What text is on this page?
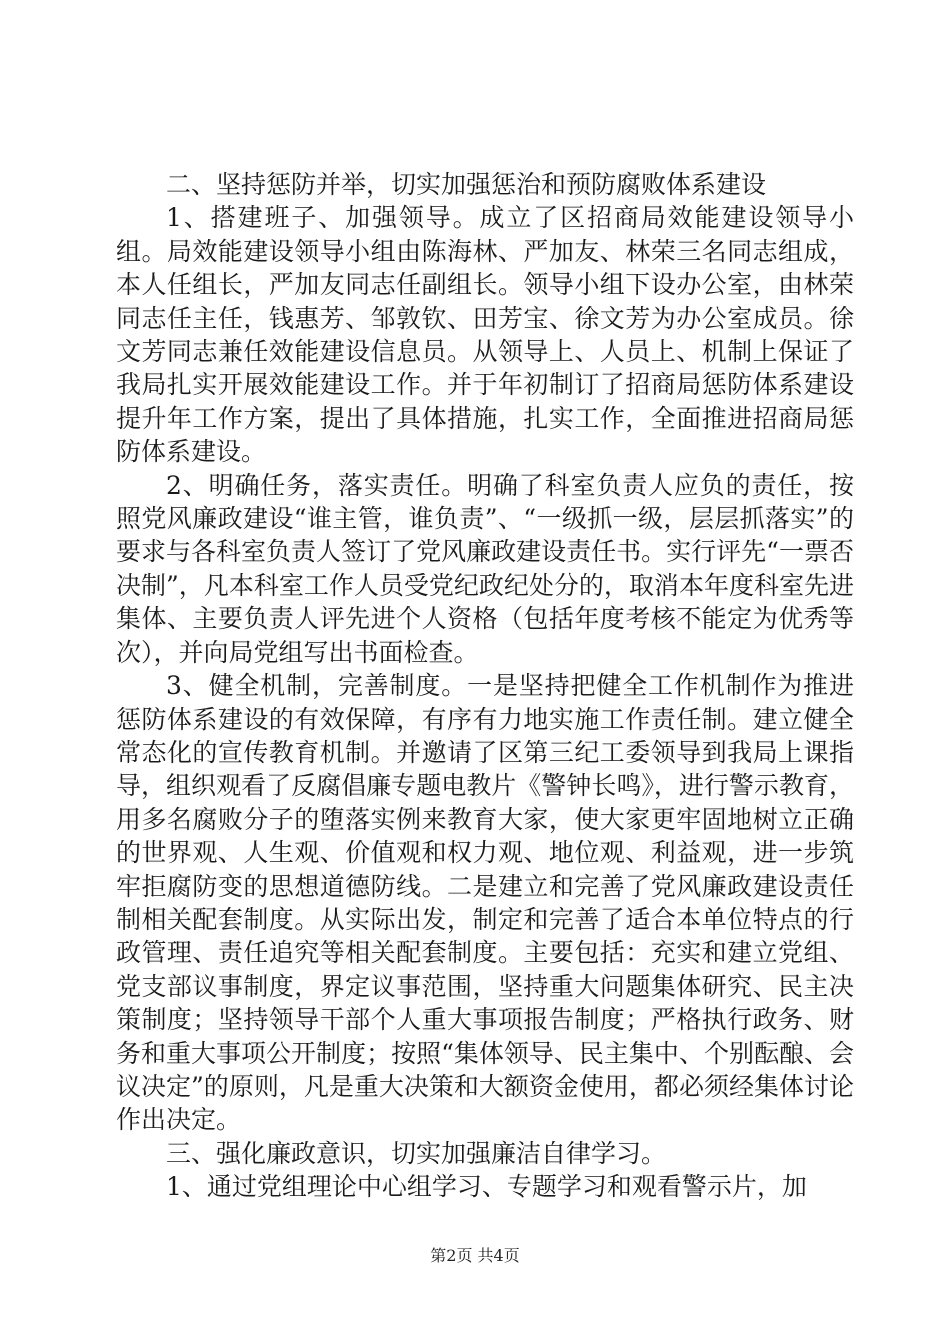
二、坚持惩防并举，切实加强惩治和预防腐败体系建设

1、搭建班子、加强领导。成立了区招商局效能建设领导小组。局效能建设领导小组由陈海林、严加友、林荣三名同志组成，本人任组长，严加友同志任副组长。领导小组下设办公室，由林荣同志任主任，钱惠芳、邹敦钦、田芳宝、徐文芳为办公室成员。徐文芳同志兼任效能建设信息员。从领导上、人员上、机制上保证了我局扎实开展效能建设工作。并于年初制订了招商局惩防体系建设提升年工作方案，提出了具体措施，扎实工作，全面推进招商局惩防体系建设。

2、明确任务，落实责任。明确了科室负责人应负的责任，按照党风廉政建设“谁主管，谁负责”、“一级抓一级，层层抓落实”的要求与各科室负责人签订了党风廉政建设责任书。实行评先“一票否决制”，凡本科室工作人员受党纪政纪处分的，取消本年度科室先进集体、主要负责人评先进个人资格（包括年度考核不能定为优秀等次），并向局党组写出书面检查。

3、健全机制，完善制度。一是坚持把健全工作机制作为推进惩防体系建设的有效保障，有序有力地实施工作责任制。建立健全常态化的宣传教育机制。并邀请了区第三纪工委领导到我局上课指导，组织观看了反腐倡廉专题电教片《警钟长鸣》，进行警示教育，用多名腐败分子的堕落实例来教育大家，使大家更牢固地树立正确的世界观、人生观、价值观和权力观、地位观、利益观，进一步筑牢拒腐防变的思想道德防线。二是建立和完善了党风廉政建设责任制相关配套制度。从实际出发，制定和完善了适合本单位特点的行政管理、责任追究等相关配套制度。主要包括：充实和建立党组、党支部议事制度，界定议事范围，坚持重大问题集体研究、民主决策制度；坚持领导干部个人重大事项报告制度；严格执行政务、财务和重大事项公开制度；按照“集体领导、民主集中、个别酝酿、会议决定”的原则，凡是重大决策和大额资金使用，都必须经集体讨论作出决定。

三、强化廉政意识，切实加强廉洁自律学习。

1、通过党组理论中心组学习、专题学习和观看警示片，加

第2页 共4页
